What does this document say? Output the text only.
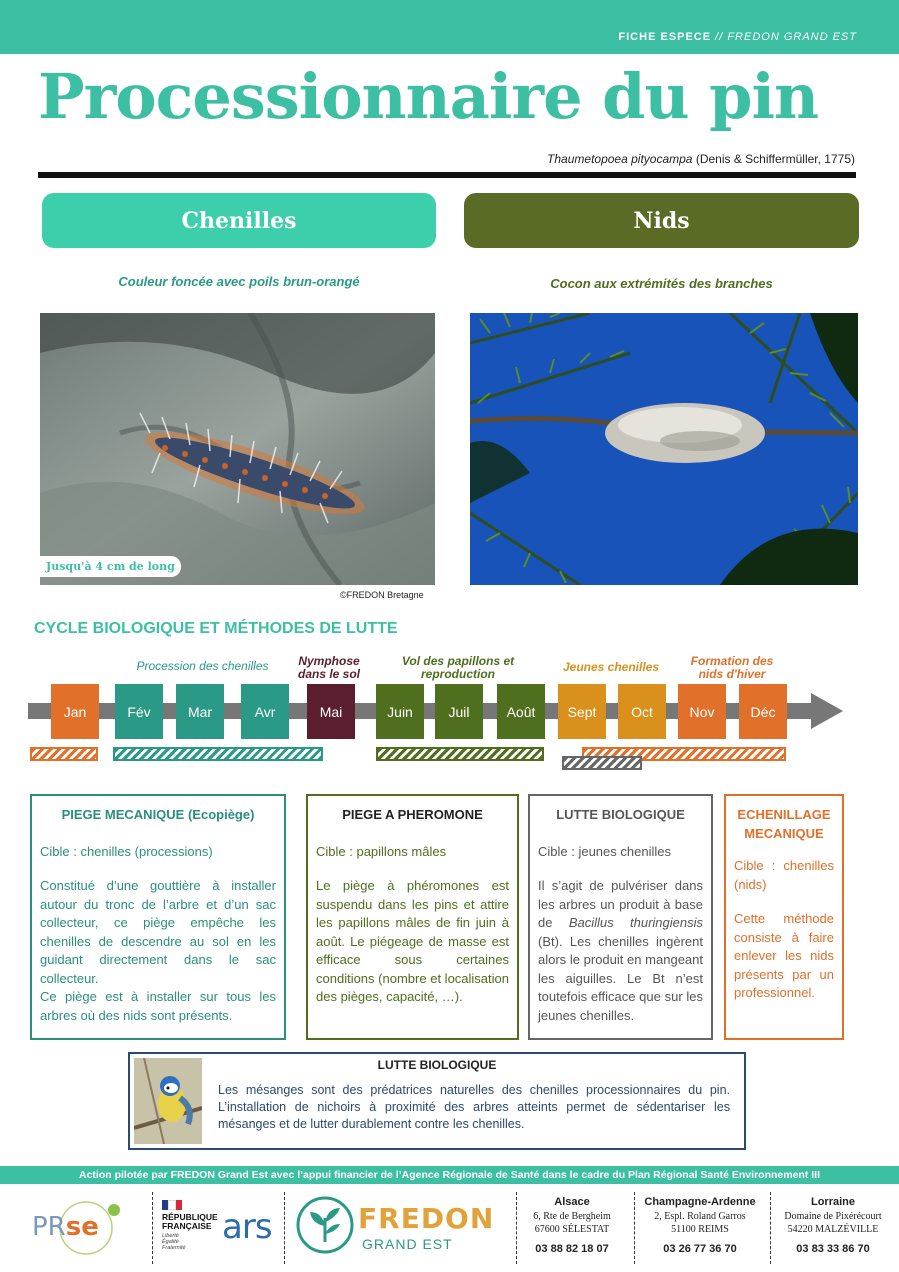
FICHE ESPECE // FREDON GRAND EST
Processionnaire du pin
Thaumetopoea pityocampa (Denis & Schiffermüller, 1775)
Chenilles	Nids
Couleur foncée avec poils brun-orangé	Cocon aux extrémités des branches
Jusqu'à 4 cm de long
©FREDON Bretagne
CYCLE BIOLOGIQUE ET MÉTHODES DE LUTTE
Procession des chenilles	Nymphose dans le sol
Vol des papillons et reproduction	Jeunes chenilles	Formation des nids d'hiver
Jan	Fév	Mar	Avr	Mai	Juin	Juil	Août	Sept	Oct	Nov	Déc
PIEGE MECANIQUE (Ecopiège)

Cible : chenilles (processions)

Constitué d’une gouttière à installer autour du tronc de l’arbre et d’un sac collecteur, ce piège empêche les chenilles de descendre au sol en les guidant directement dans le sac collecteur.

Ce piège est à installer sur tous les arbres où des nids sont présents.

PIEGE A PHEROMONE

Cible : papillons mâles

Le piège à phéromones est suspendu dans les pins et attire les papillons mâles de fin juin à août. Le piégeage de masse est efficace sous certaines conditions (nombre et localisation des pièges, capacité, …).

LUTTE BIOLOGIQUE

Cible : jeunes chenilles

Il s’agit de pulvériser dans les arbres un produit à base de Bacillus thuringiensis (Bt). Les chenilles ingèrent alors le produit en mangeant les aiguilles. Le Bt n’est toutefois efficace que sur les jeunes chenilles.

ECHENILLAGE MECANIQUE

Cible : chenilles (nids)

Cette méthode consiste à faire enlever les nids présents par un professionnel.

LUTTE BIOLOGIQUE
Les mésanges sont des prédatrices naturelles des chenilles processionnaires du pin. L’installation de nichoirs à proximité des arbres atteints permet de sédentariser les mésanges et de lutter durablement contre les chenilles.
Action pilotée par FREDON Grand Est avec l’appui financier de l’Agence Régionale de Santé dans le cadre du Plan Régional Santé Environnement III
PRse	RÉPUBLIQUE
FRANÇAISE
Liberté Égalité Fraternité
ars	FREDON
GRAND EST
Alsace
6, Rte de Bergheim
67600 SÉLESTAT
03 88 82 18 07
Champagne-Ardenne
2, Espl. Roland Garros
51100 REIMS
03 26 77 36 70
Lorraine
Domaine de Pixérécourt
54220 MALZÉVILLE
03 83 33 86 70
